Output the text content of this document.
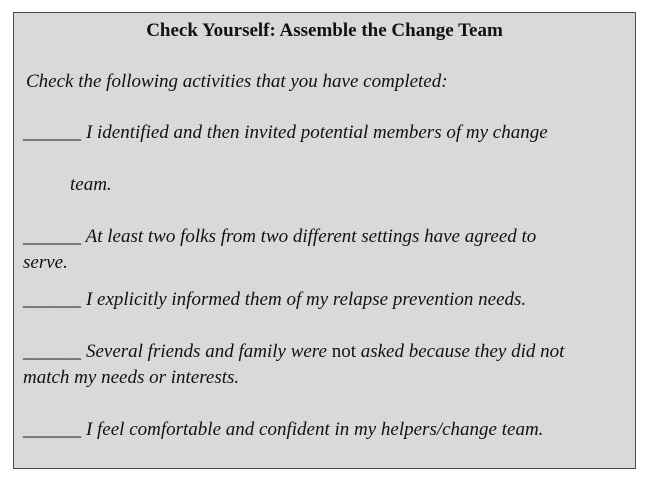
Check Yourself: Assemble the Change Team
Check the following activities that you have completed:
______ I identified and then invited potential members of my change
team.
______ At least two folks from two different settings have agreed to
serve.
______ I explicitly informed them of my relapse prevention needs.
______ Several friends and family were not asked because they did not
match my needs or interests.
______ I feel comfortable and confident in my helpers/change team.
